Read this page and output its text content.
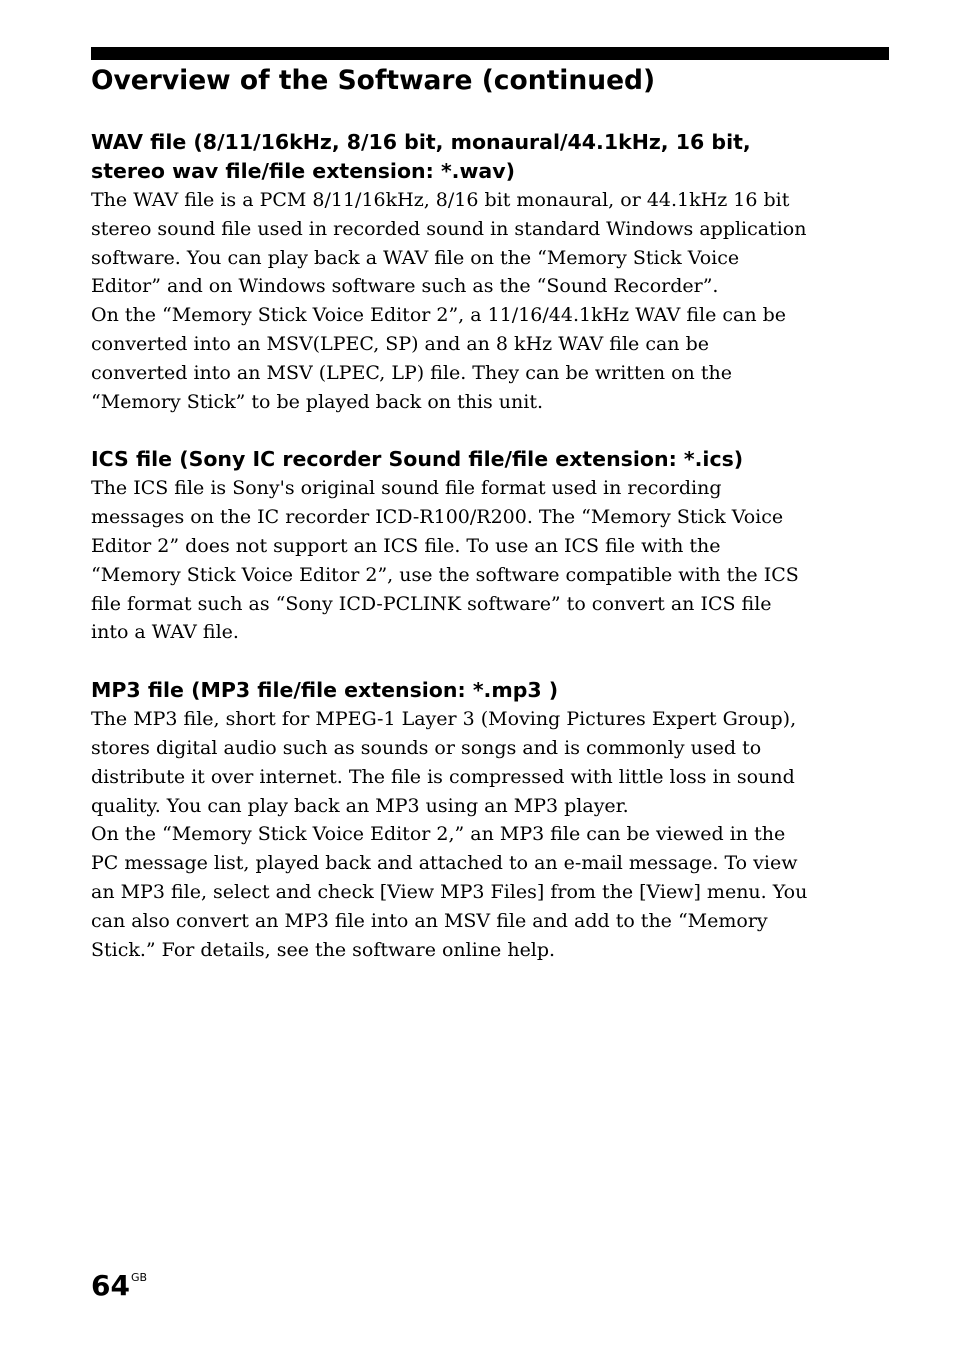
Overview of the Software (continued)
WAV file (8/11/16kHz, 8/16 bit, monaural/44.1kHz, 16 bit,
stereo wav file/file extension: *.wav)

The WAV file is a PCM 8/11/16kHz, 8/16 bit monaural, or 44.1kHz 16 bit
stereo sound file used in recorded sound in standard Windows application
software. You can play back a WAV file on the “Memory Stick Voice
Editor” and on Windows software such as the “Sound Recorder”.

On the “Memory Stick Voice Editor 2”, a 11/16/44.1kHz WAV file can be
converted into an MSV(LPEC, SP) and an 8 kHz WAV file can be
converted into an MSV (LPEC, LP) file. They can be written on the
“Memory Stick” to be played back on this unit.

ICS file (Sony IC recorder Sound file/file extension: *.ics)

The ICS file is Sony's original sound file format used in recording
messages on the IC recorder ICD-R100/R200. The “Memory Stick Voice
Editor 2” does not support an ICS file. To use an ICS file with the
“Memory Stick Voice Editor 2”, use the software compatible with the ICS
file format such as “Sony ICD-PCLINK software” to convert an ICS file
into a WAV file.

MP3 file (MP3 file/file extension: *.mp3 )

The MP3 file, short for MPEG-1 Layer 3 (Moving Pictures Expert Group),
stores digital audio such as sounds or songs and is commonly used to
distribute it over internet. The file is compressed with little loss in sound
quality. You can play back an MP3 using an MP3 player.

On the “Memory Stick Voice Editor 2,” an MP3 file can be viewed in the
PC message list, played back and attached to an e-mail message. To view
an MP3 file, select and check [View MP3 Files] from the [View] menu. You
can also convert an MP3 file into an MSV file and add to the “Memory
Stick.” For details, see the software online help.

$64^{GB}$
